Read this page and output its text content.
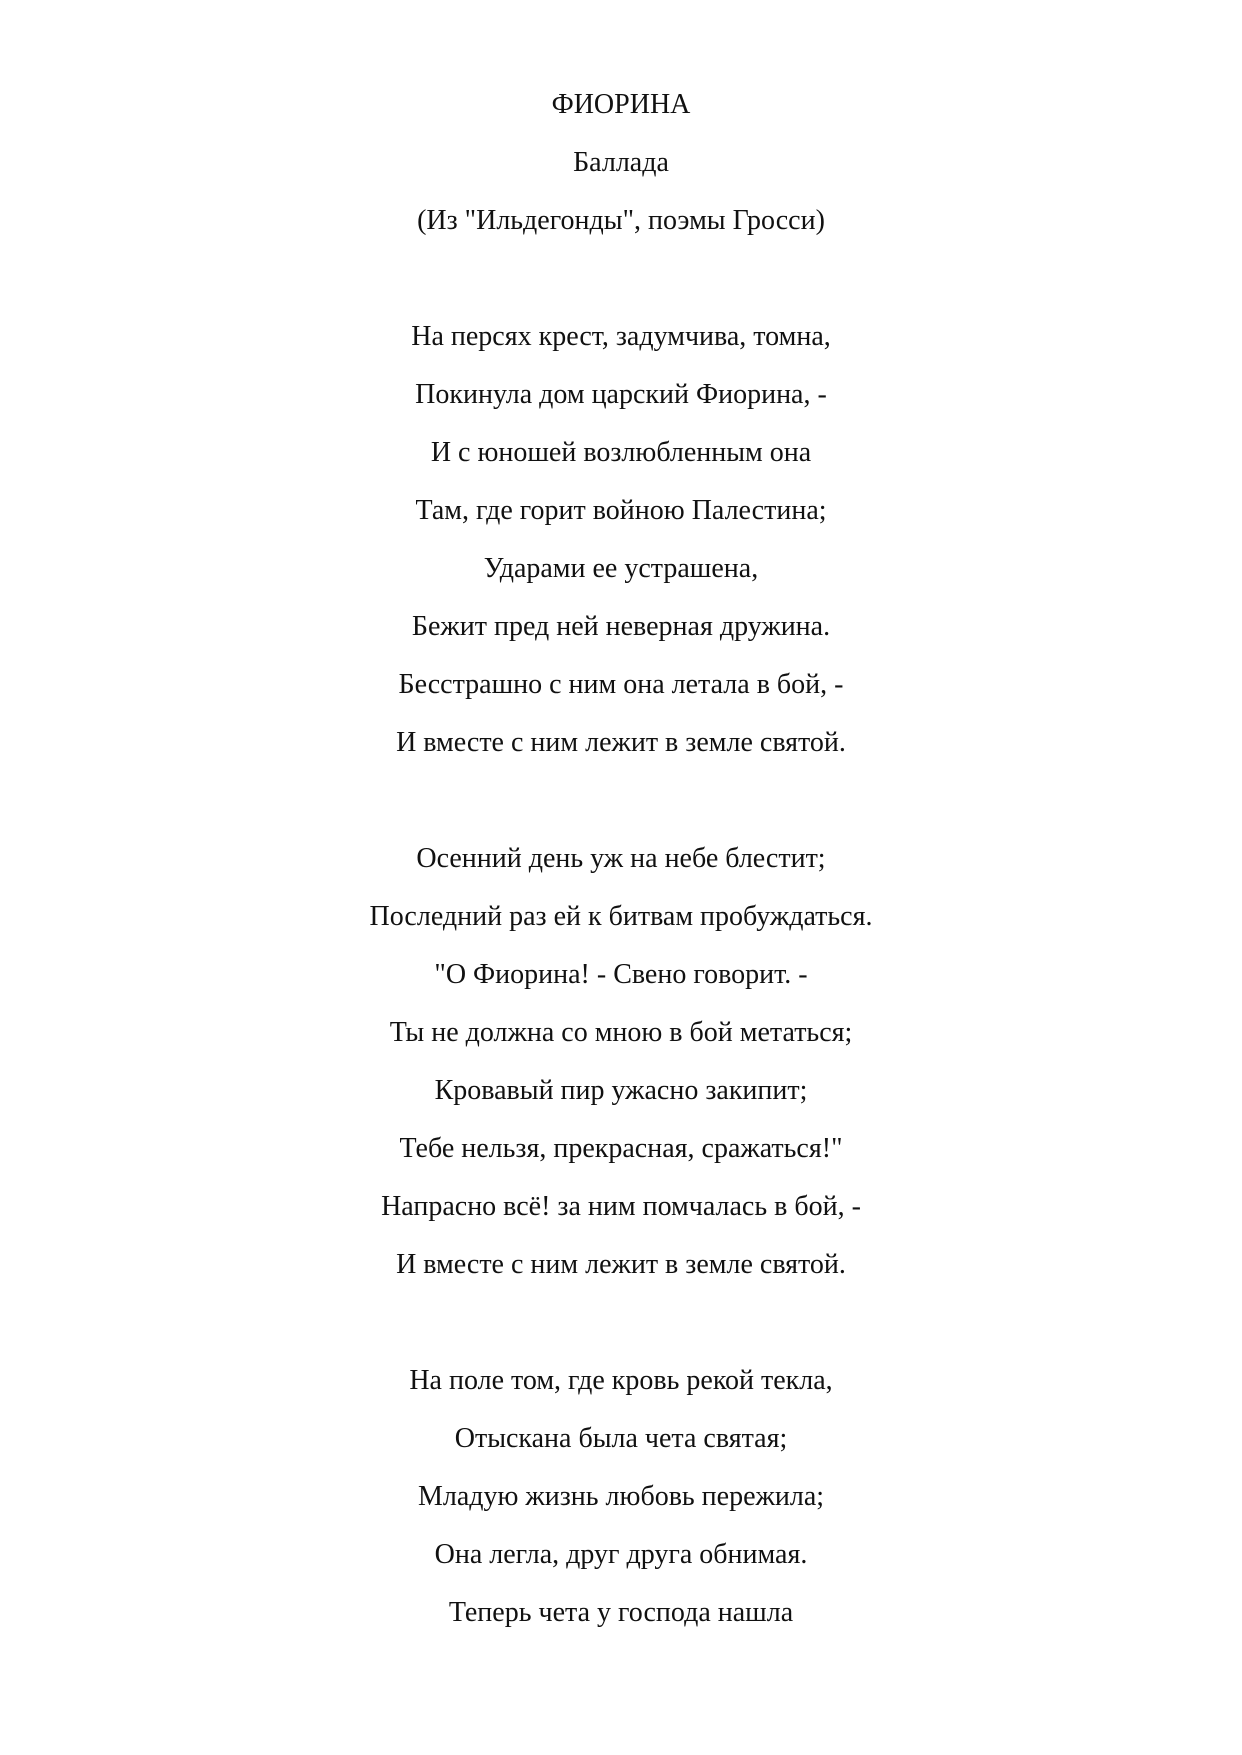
ФИОРИНА
Баллада
(Из "Ильдегонды", поэмы Гросси)
На персях крест, задумчива, томна,
Покинула дом царский Фиорина, -
И с юношей возлюбленным она
Там, где горит войною Палестина;
Ударами ее устрашена,
Бежит пред ней неверная дружина.
Бесстрашно с ним она летала в бой, -
И вместе с ним лежит в земле святой.
Осенний день уж на небе блестит;
Последний раз ей к битвам пробуждаться.
"О Фиорина! - Свено говорит. -
Ты не должна со мною в бой метаться;
Кровавый пир ужасно закипит;
Тебе нельзя, прекрасная, сражаться!"
Напрасно всё! за ним помчалась в бой, -
И вместе с ним лежит в земле святой.
На поле том, где кровь рекой текла,
Отыскана была чета святая;
Младую жизнь любовь пережила;
Она легла, друг друга обнимая.
Теперь чета у господа нашла
